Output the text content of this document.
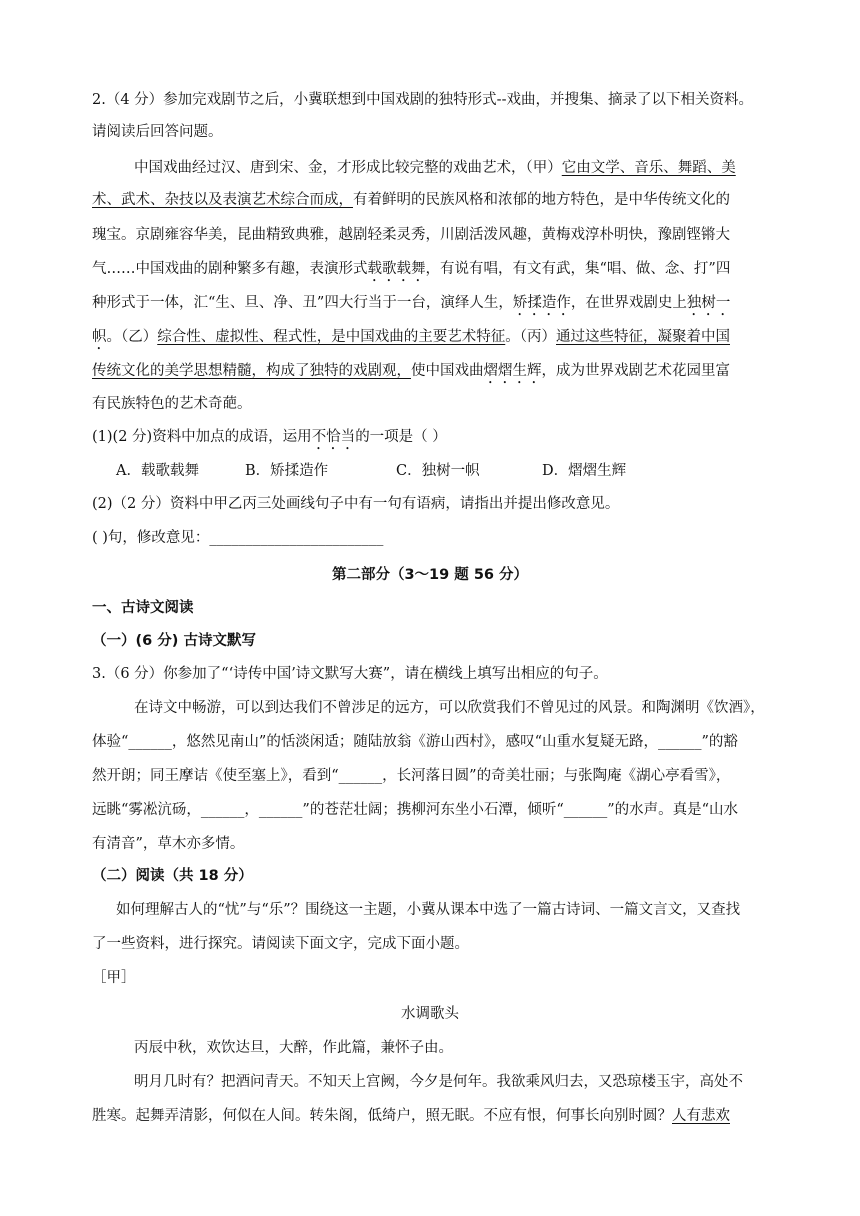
2.（4 分）参加完戏剧节之后，小冀联想到中国戏剧的独特形式--戏曲，并搜集、摘录了以下相关资料。
请阅读后回答问题。
中国戏曲经过汉、唐到宋、金，才形成比较完整的戏曲艺术，（甲）它由文学、音乐、舞蹈、美
术、武术、杂技以及表演艺术综合而成，有着鲜明的民族风格和浓郁的地方特色，是中华传统文化的
瑰宝。京剧雍容华美，昆曲精致典雅，越剧轻柔灵秀，川剧活泼风趣，黄梅戏淳朴明快，豫剧铿锵大
气……中国戏曲的剧种繁多有趣，表演形式载歌载舞，有说有唱，有文有武，集“唱、做、念、打”四
种形式于一体，汇“生、旦、净、丑”四大行当于一台，演绎人生，矫揉造作，在世界戏剧史上独树一
帜。（乙）综合性、虚拟性、程式性，是中国戏曲的主要艺术特征。（丙）通过这些特征，凝聚着中国
传统文化的美学思想精髓，构成了独特的戏剧观，使中国戏曲熠熠生辉，成为世界戏剧艺术花园里富
有民族特色的艺术奇葩。
(1)(2 分)资料中加点的成语，运用不恰当的一项是（ ）
A．载歌载舞	B．矫揉造作	C．独树一帜	D．熠熠生辉
(2)（2 分）资料中甲乙丙三处画线句子中有一句有语病，请指出并提出修改意见。
( )句，修改意见：________________________
第二部分（3～19 题 56 分）
一、古诗文阅读
（一）(6 分) 古诗文默写
3.（6 分）你参加了“‘诗传中国’诗文默写大赛”，请在横线上填写出相应的句子。
在诗文中畅游，可以到达我们不曾涉足的远方，可以欣赏我们不曾见过的风景。和陶渊明《饮酒》，
体验“______，悠然见南山”的恬淡闲适；随陆放翁《游山西村》，感叹“山重水复疑无路，______”的豁
然开朗；同王摩诘《使至塞上》，看到“______，长河落日圆”的奇美壮丽；与张陶庵《湖心亭看雪》，
远眺“雾凇沆砀，______，______”的苍茫壮阔；携柳河东坐小石潭，倾听“______”的水声。真是“山水
有清音”，草木亦多情。
（二）阅读（共 18 分）
如何理解古人的“忧”与“乐”？围绕这一主题，小冀从课本中选了一篇古诗词、一篇文言文，又查找
了一些资料，进行探究。请阅读下面文字，完成下面小题。
［甲］
水调歌头
丙辰中秋，欢饮达旦，大醉，作此篇，兼怀子由。
明月几时有？把酒问青天。不知天上宫阙，今夕是何年。我欲乘风归去，又恐琼楼玉宇，高处不
胜寒。起舞弄清影，何似在人间。转朱阁，低绮户，照无眠。不应有恨，何事长向别时圆？人有悲欢
